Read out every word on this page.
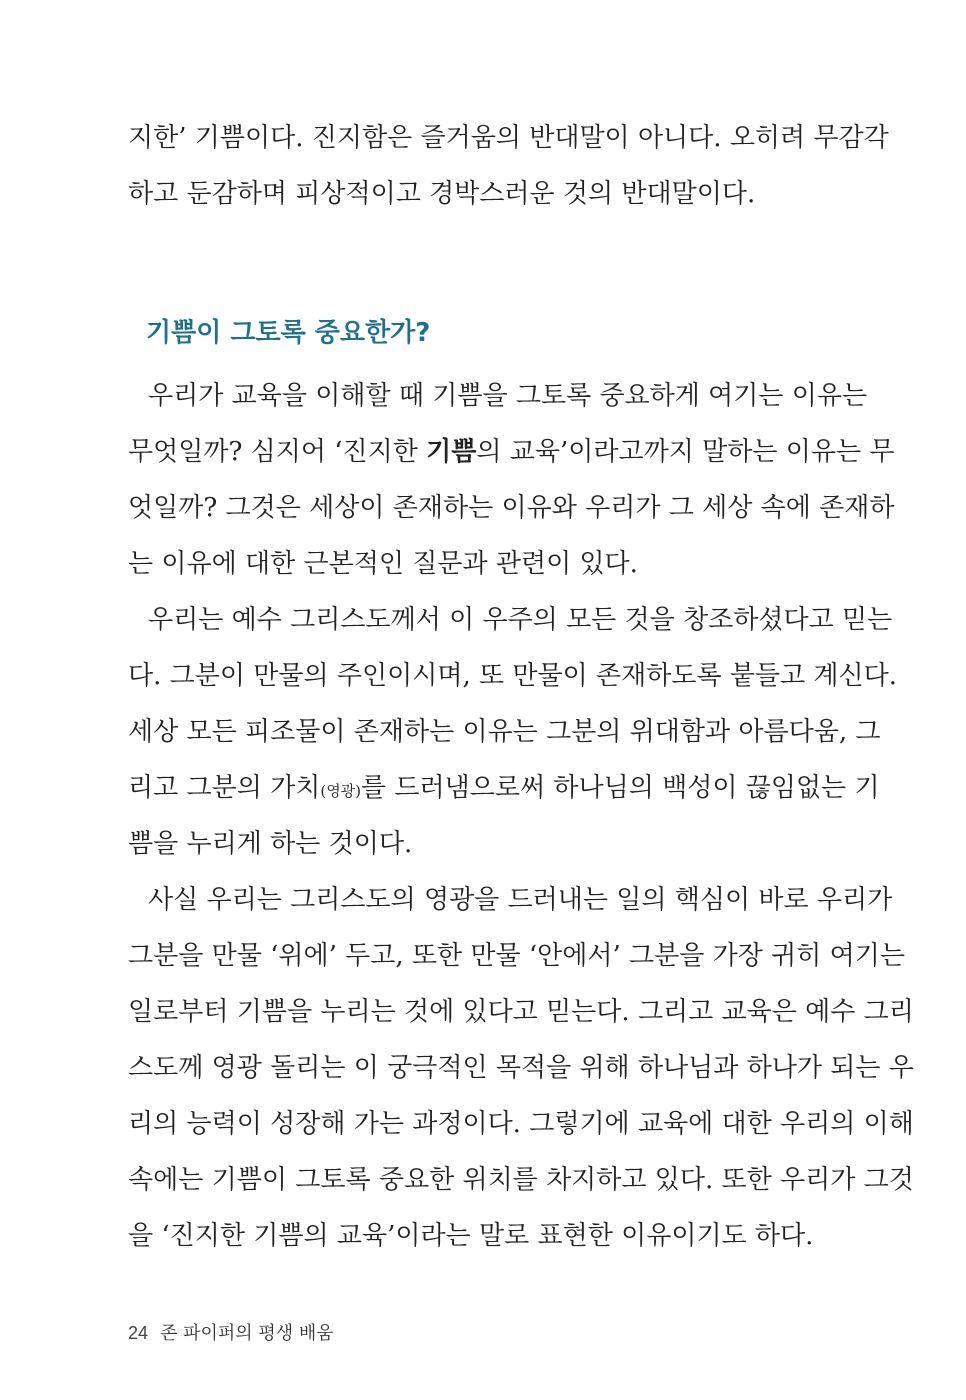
지한’ 기쁨이다. 진지함은 즐거움의 반대말이 아니다. 오히려 무감각
하고 둔감하며 피상적이고 경박스러운 것의 반대말이다.
기쁨이 그토록 중요한가?
우리가 교육을 이해할 때 기쁨을 그토록 중요하게 여기는 이유는
무엇일까? 심지어 ‘진지한 기쁨의 교육’이라고까지 말하는 이유는 무
엇일까? 그것은 세상이 존재하는 이유와 우리가 그 세상 속에 존재하
는 이유에 대한 근본적인 질문과 관련이 있다.
우리는 예수 그리스도께서 이 우주의 모든 것을 창조하셨다고 믿는
다. 그분이 만물의 주인이시며, 또 만물이 존재하도록 붙들고 계신다.
세상 모든 피조물이 존재하는 이유는 그분의 위대함과 아름다움, 그
리고 그분의 가치(영광)를 드러냄으로써 하나님의 백성이 끊임없는 기
쁨을 누리게 하는 것이다.
사실 우리는 그리스도의 영광을 드러내는 일의 핵심이 바로 우리가
그분을 만물 ‘위에’ 두고, 또한 만물 ‘안에서’ 그분을 가장 귀히 여기는
일로부터 기쁨을 누리는 것에 있다고 믿는다. 그리고 교육은 예수 그리
스도께 영광 돌리는 이 궁극적인 목적을 위해 하나님과 하나가 되는 우
리의 능력이 성장해 가는 과정이다. 그렇기에 교육에 대한 우리의 이해
속에는 기쁨이 그토록 중요한 위치를 차지하고 있다. 또한 우리가 그것
을 ‘진지한 기쁨의 교육’이라는 말로 표현한 이유이기도 하다.
24 존 파이퍼의 평생 배움
